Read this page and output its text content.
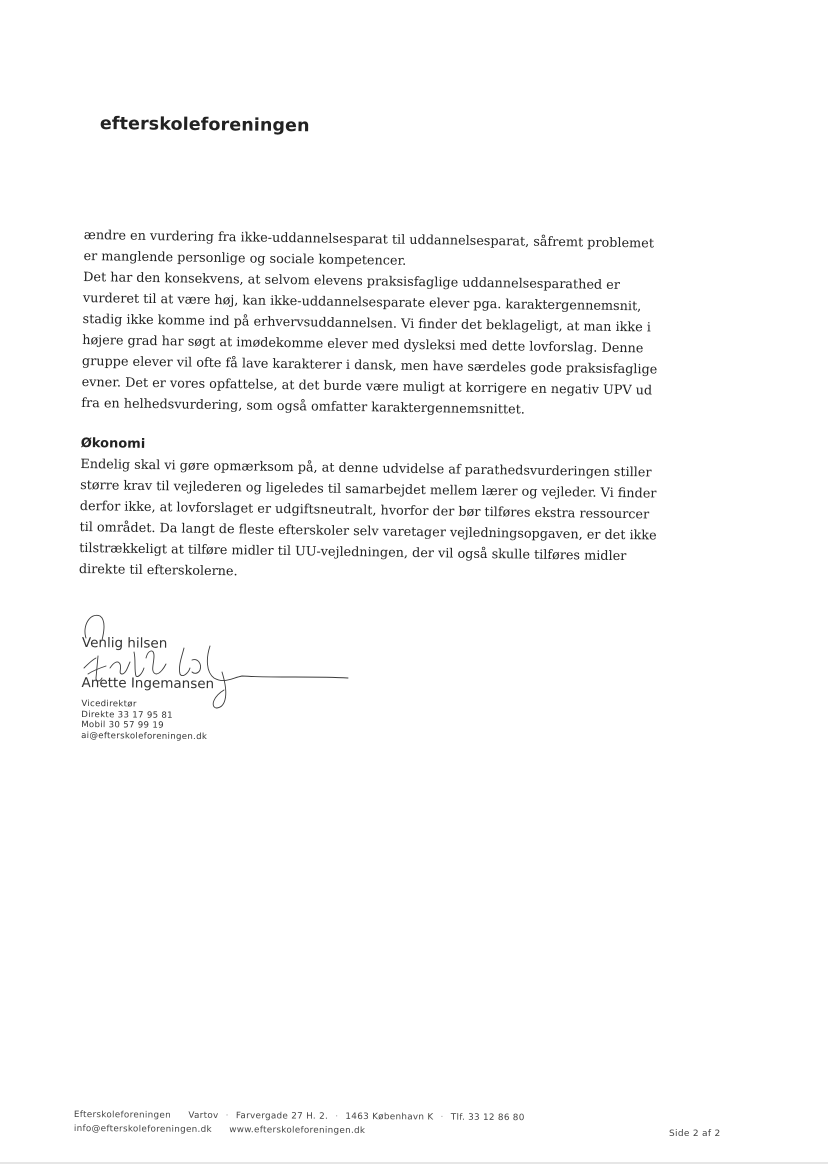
efterskoleforeningen

ændre en vurdering fra ikke-uddannelsesparat til uddannelsesparat, såfremt problemet
er manglende personlige og sociale kompetencer.

Det har den konsekvens, at selvom elevens praksisfaglige uddannelsesparathed er
vurderet til at være høj, kan ikke-uddannelsesparate elever pga. karaktergennemsnit,
stadig ikke komme ind på erhvervsuddannelsen. Vi finder det beklageligt, at man ikke i
højere grad har søgt at imødekomme elever med dysleksi med dette lovforslag. Denne
gruppe elever vil ofte få lave karakterer i dansk, men have særdeles gode praksisfaglige
evner. Det er vores opfattelse, at det burde være muligt at korrigere en negativ UPV ud
fra en helhedsvurdering, som også omfatter karaktergennemsnittet.

Økonomi

Endelig skal vi gøre opmærksom på, at denne udvidelse af parathedsvurderingen stiller
større krav til vejlederen og ligeledes til samarbejdet mellem lærer og vejleder. Vi finder
derfor ikke, at lovforslaget er udgiftsneutralt, hvorfor der bør tilføres ekstra ressourcer
til området. Da langt de fleste efterskoler selv varetager vejledningsopgaven, er det ikke
tilstrækkeligt at tilføre midler til UU-vejledningen, der vil også skulle tilføres midler
direkte til efterskolerne.

Venlig hilsen
Anette Ingemansen
Vicedirektør
Direkte 33 17 95 81
Mobil 30 57 99 19
ai@efterskoleforeningen.dk
Efterskoleforeningen Vartov · Farvergade 27 H. 2. · 1463 København K · Tlf. 33 12 86 80
info@efterskoleforeningen.dk www.efterskoleforeningen.dk	Side 2 af 2
